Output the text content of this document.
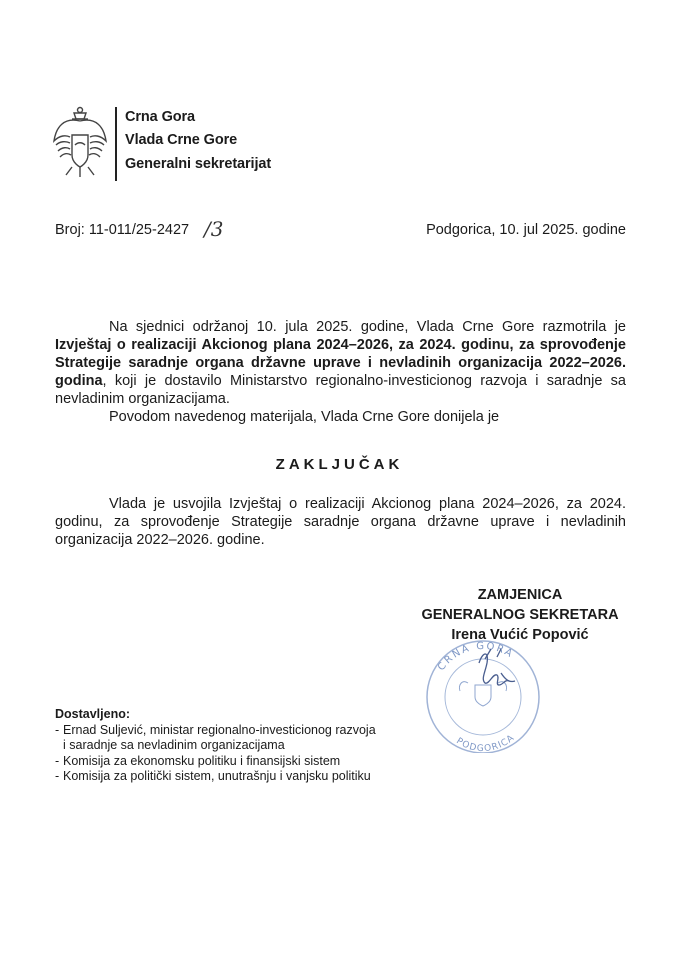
Crna Gora
Vlada Crne Gore
Generalni sekretarijat
Broj: 11-011/25-2427 /3	Podgorica, 10. jul 2025. godine

Na sjednici održanoj 10. jula 2025. godine, Vlada Crne Gore razmotrila je Izvještaj o realizaciji Akcionog plana 2024–2026, za 2024. godinu, za sprovođenje Strategije saradnje organa državne uprave i nevladinih organizacija 2022–2026. godina, koji je dostavilo Ministarstvo regionalno-investicionog razvoja i saradnje sa nevladinim organizacijama.

Povodom navedenog materijala, Vlada Crne Gore donijela je

ZAKLJUČAK

Vlada je usvojila Izvještaj o realizaciji Akcionog plana 2024–2026, za 2024. godinu, za sprovođenje Strategije saradnje organa državne uprave i nevladinih organizacija 2022–2026. godine.

ZAMJENICA
GENERALNOG SEKRETARA
Irena Vućić Popović
CRNA GORA
PODGORICA
Dostavljeno:
- Ernad Suljević, ministar regionalno-investicionog razvoja i saradnje sa nevladinim organizacijama
- Komisija za ekonomsku politiku i finansijski sistem
- Komisija za politički sistem, unutrašnju i vanjsku politiku
